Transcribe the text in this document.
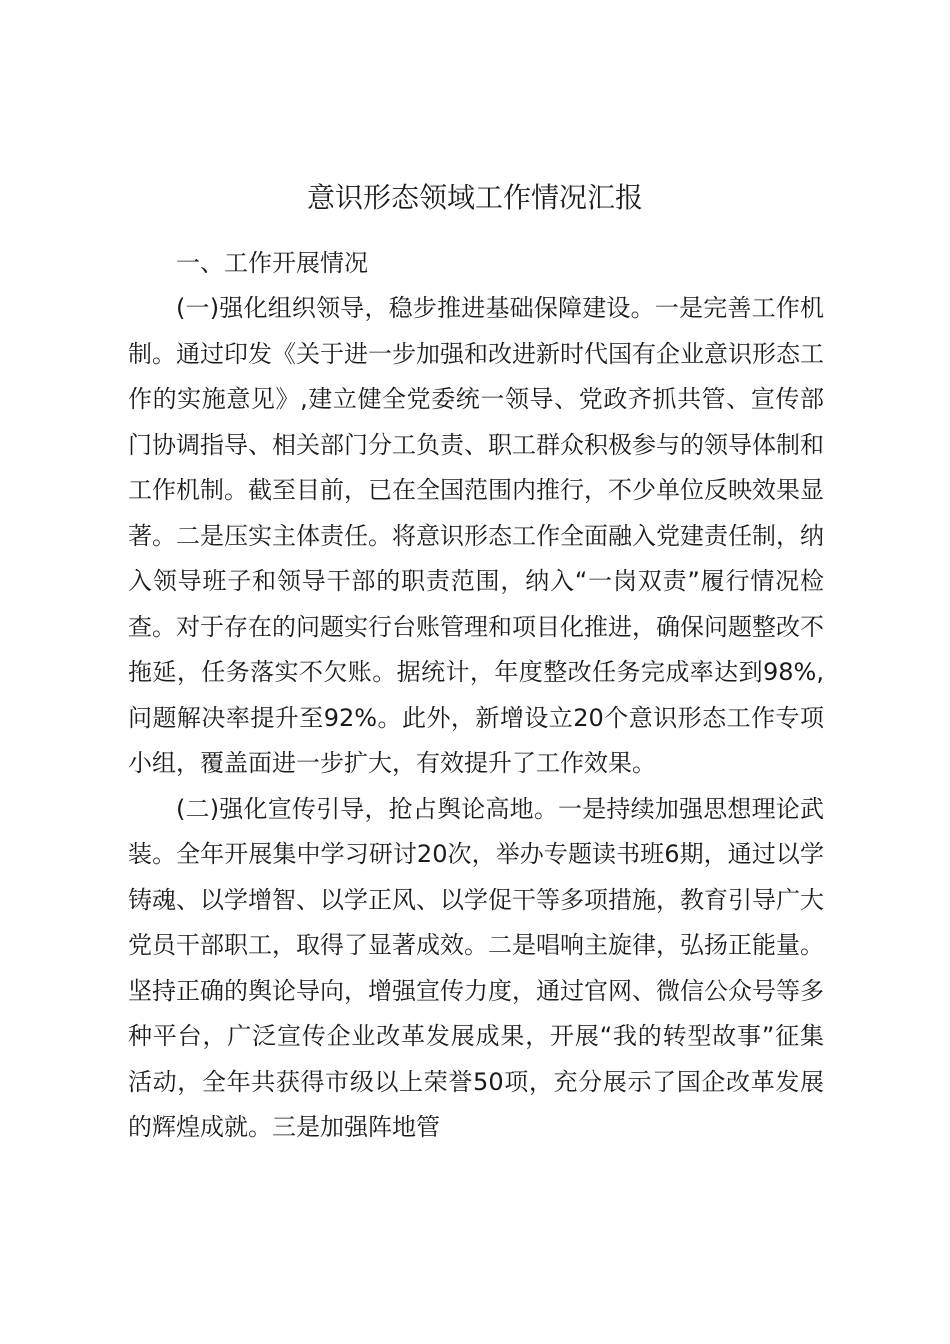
意识形态领域工作情况汇报

一、工作开展情况

(一)强化组织领导，稳步推进基础保障建设。一是完善工作机制。通过印发《关于进一步加强和改进新时代国有企业意识形态工作的实施意见》,建立健全党委统一领导、党政齐抓共管、宣传部门协调指导、相关部门分工负责、职工群众积极参与的领导体制和工作机制。截至目前，已在全国范围内推行，不少单位反映效果显著。二是压实主体责任。将意识形态工作全面融入党建责任制，纳入领导班子和领导干部的职责范围，纳入“一岗双责”履行情况检查。对于存在的问题实行台账管理和项目化推进，确保问题整改不拖延，任务落实不欠账。据统计，年度整改任务完成率达到98%,问题解决率提升至92%。此外，新增设立20个意识形态工作专项小组，覆盖面进一步扩大，有效提升了工作效果。

(二)强化宣传引导，抢占舆论高地。一是持续加强思想理论武装。全年开展集中学习研讨20次，举办专题读书班6期，通过以学铸魂、以学增智、以学正风、以学促干等多项措施，教育引导广大党员干部职工，取得了显著成效。二是唱响主旋律，弘扬正能量。坚持正确的舆论导向，增强宣传力度，通过官网、微信公众号等多种平台，广泛宣传企业改革发展成果，开展“我的转型故事”征集活动，全年共获得市级以上荣誉50项，充分展示了国企改革发展的辉煌成就。三是加强阵地管
